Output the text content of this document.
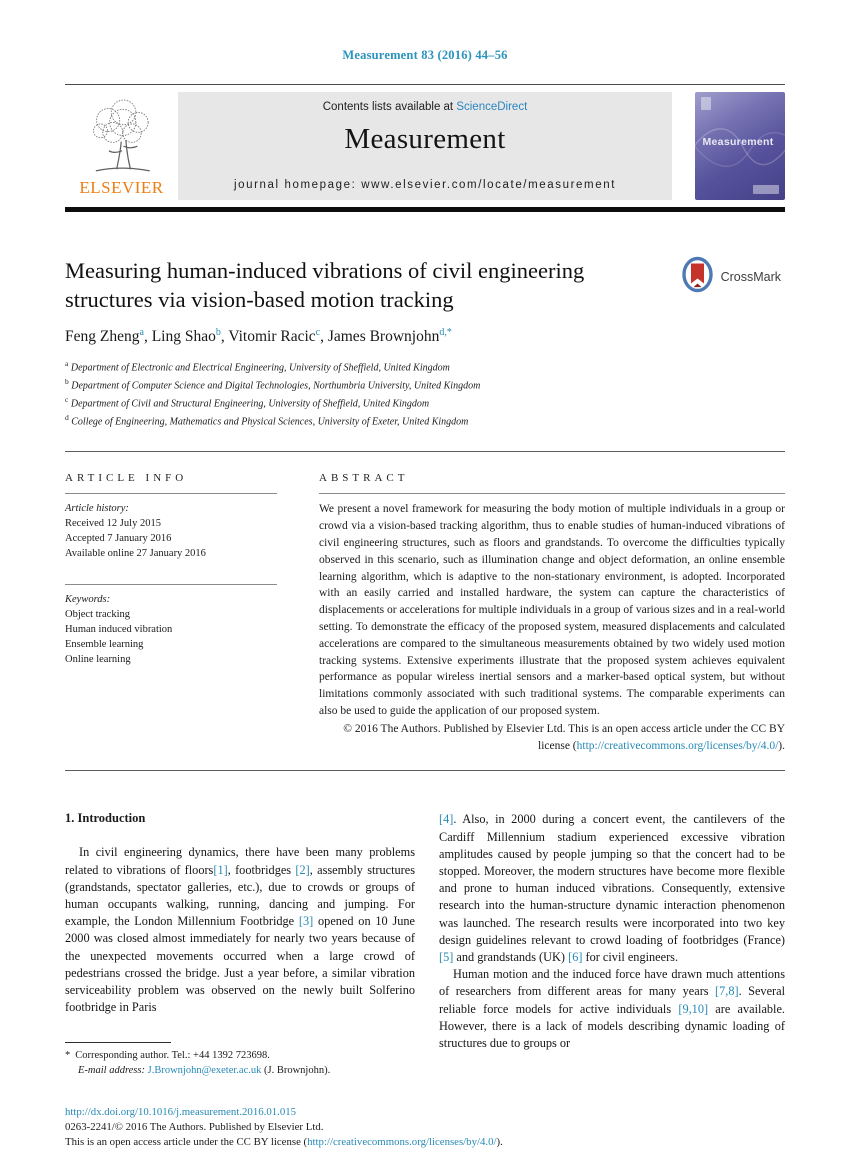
Measurement 83 (2016) 44–56
ELSEVIER
Contents lists available at ScienceDirect
Measurement
journal homepage: www.elsevier.com/locate/measurement
Measurement
Measuring human-induced vibrations of civil engineering structures via vision-based motion tracking
CrossMark
Feng Zheng$^a$, Ling Shao$^b$, Vitomir Racic$^c$, James Brownjohn$^{d,*}$
$^a$ Department of Electronic and Electrical Engineering, University of Sheffield, United Kingdom
$^b$ Department of Computer Science and Digital Technologies, Northumbria University, United Kingdom
$^c$ Department of Civil and Structural Engineering, University of Sheffield, United Kingdom
$^d$ College of Engineering, Mathematics and Physical Sciences, University of Exeter, United Kingdom
ARTICLE INFO
Article history:
Received 12 July 2015
Accepted 7 January 2016
Available online 27 January 2016
Keywords:
Object tracking
Human induced vibration
Ensemble learning
Online learning
ABSTRACT
We present a novel framework for measuring the body motion of multiple individuals in a group or crowd via a vision-based tracking algorithm, thus to enable studies of human-induced vibrations of civil engineering structures, such as floors and grandstands. To overcome the difficulties typically observed in this scenario, such as illumination change and object deformation, an online ensemble learning algorithm, which is adaptive to the non-stationary environment, is adopted. Incorporated with an easily carried and installed hardware, the system can capture the characteristics of displacements or accelerations for multiple individuals in a group of various sizes and in a real-world setting. To demonstrate the efficacy of the proposed system, measured displacements and calculated accelerations are compared to the simultaneous measurements obtained by two widely used motion tracking systems. Extensive experiments illustrate that the proposed system achieves equivalent performance as popular wireless inertial sensors and a marker-based optical system, but without limitations commonly associated with such traditional systems. The comparable experiments can also be used to guide the application of our proposed system.
© 2016 The Authors. Published by Elsevier Ltd. This is an open access article under the CC BY license (http://creativecommons.org/licenses/by/4.0/).
1. Introduction

In civil engineering dynamics, there have been many problems related to vibrations of floors[1], footbridges [2], assembly structures (grandstands, spectator galleries, etc.), due to crowds or groups of human occupants walking, running, dancing and jumping. For example, the London Millennium Footbridge [3] opened on 10 June 2000 was closed almost immediately for nearly two years because of the unexpected movements occurred when a large crowd of pedestrians crossed the bridge. Just a year before, a similar vibration serviceability problem was observed on the newly built Solferino footbridge in Paris

* Corresponding author. Tel.: +44 1392 723698.
E-mail address: J.Brownjohn@exeter.ac.uk (J. Brownjohn).

[4]. Also, in 2000 during a concert event, the cantilevers of the Cardiff Millennium stadium experienced excessive vibration amplitudes caused by people jumping so that the concert had to be stopped. Moreover, the modern structures have become more flexible and prone to human induced vibrations. Consequently, extensive research into the human-structure dynamic interaction phenomenon was launched. The research results were incorporated into two key design guidelines relevant to crowd loading of footbridges (France) [5] and grandstands (UK) [6] for civil engineers.

Human motion and the induced force have drawn much attentions of researchers from different areas for many years [7,8]. Several reliable force models for active individuals [9,10] are available. However, there is a lack of models describing dynamic loading of structures due to groups or

http://dx.doi.org/10.1016/j.measurement.2016.01.015
0263-2241/© 2016 The Authors. Published by Elsevier Ltd.
This is an open access article under the CC BY license (http://creativecommons.org/licenses/by/4.0/).
